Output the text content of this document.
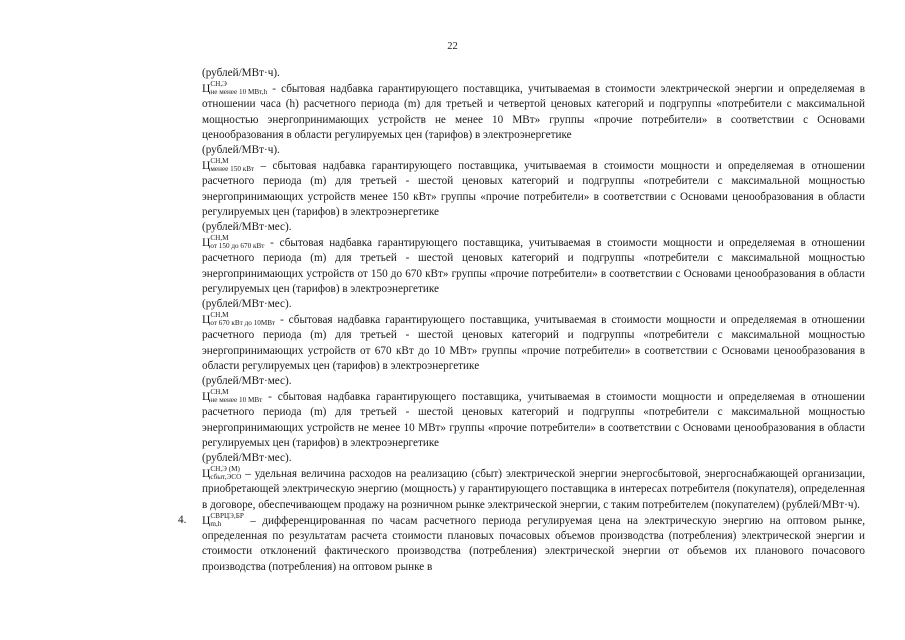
22
(рублей/МВт·ч).
Ц СН,Э
не менее 10 МВт,h - сбытовая надбавка гарантирующего поставщика, учитываемая в стоимости электрической энергии и определяемая в отношении часа (h) расчетного периода (m) для третьей и четвертой ценовых категорий и подгруппы «потребители с максимальной мощностью энергопринимающих устройств не менее 10 МВт» группы «прочие потребители» в соответствии с Основами ценообразования в области регулируемых цен (тарифов) в электроэнергетике
(рублей/МВт·ч).
Ц СН,М
менее 150 кВт – сбытовая надбавка гарантирующего поставщика, учитываемая в стоимости мощности и определяемая в отношении расчетного периода (m) для третьей - шестой ценовых категорий и подгруппы «потребители с максимальной мощностью энергопринимающих устройств менее 150 кВт» группы «прочие потребители» в соответствии с Основами ценообразования в области регулируемых цен (тарифов) в электроэнергетике
(рублей/МВт·мес).
Ц СН,М
от 150 до 670 кВт - сбытовая надбавка гарантирующего поставщика, учитываемая в стоимости мощности и определяемая в отношении расчетного периода (m) для третьей - шестой ценовых категорий и подгруппы «потребители с максимальной мощностью энергопринимающих устройств от 150 до 670 кВт» группы «прочие потребители» в соответствии с Основами ценообразования в области регулируемых цен (тарифов) в электроэнергетике
(рублей/МВт·мес).
Ц СН,М
от 670 кВт до 10МВт - сбытовая надбавка гарантирующего поставщика, учитываемая в стоимости мощности и определяемая в отношении расчетного периода (m) для третьей - шестой ценовых категорий и подгруппы «потребители с максимальной мощностью энергопринимающих устройств от 670 кВт до 10 МВт» группы «прочие потребители» в соответствии с Основами ценообразования в области регулируемых цен (тарифов) в электроэнергетике
(рублей/МВт·мес).
Ц СН,М
не менее 10 МВт - сбытовая надбавка гарантирующего поставщика, учитываемая в стоимости мощности и определяемая в отношении расчетного периода (m) для третьей - шестой ценовых категорий и подгруппы «потребители с максимальной мощностью энергопринимающих устройств не менее 10 МВт» группы «прочие потребители» в соответствии с Основами ценообразования в области регулируемых цен (тарифов) в электроэнергетике
(рублей/МВт·мес).
Ц СН,Э (М)
сбыт,ЭСО – удельная величина расходов на реализацию (сбыт) электрической энергии энергосбытовой, энергоснабжающей организации, приобретающей электрическую энергию (мощность) у гарантирующего поставщика в интересах потребителя (покупателя), определенная в договоре, обеспечивающем продажу на розничном рынке электрической энергии, с таким потребителем (покупателем) (рублей/МВт·ч).
4. Ц СВРЦЭ,БР
m,h	– дифференцированная по часам расчетного периода регулируемая цена на электрическую энергию на оптовом рынке, определенная по результатам расчета стоимости плановых почасовых объемов производства (потребления) электрической энергии и стоимости отклонений фактического производства (потребления) электрической энергии от объемов их планового почасового производства (потребления) на оптовом рынке в
